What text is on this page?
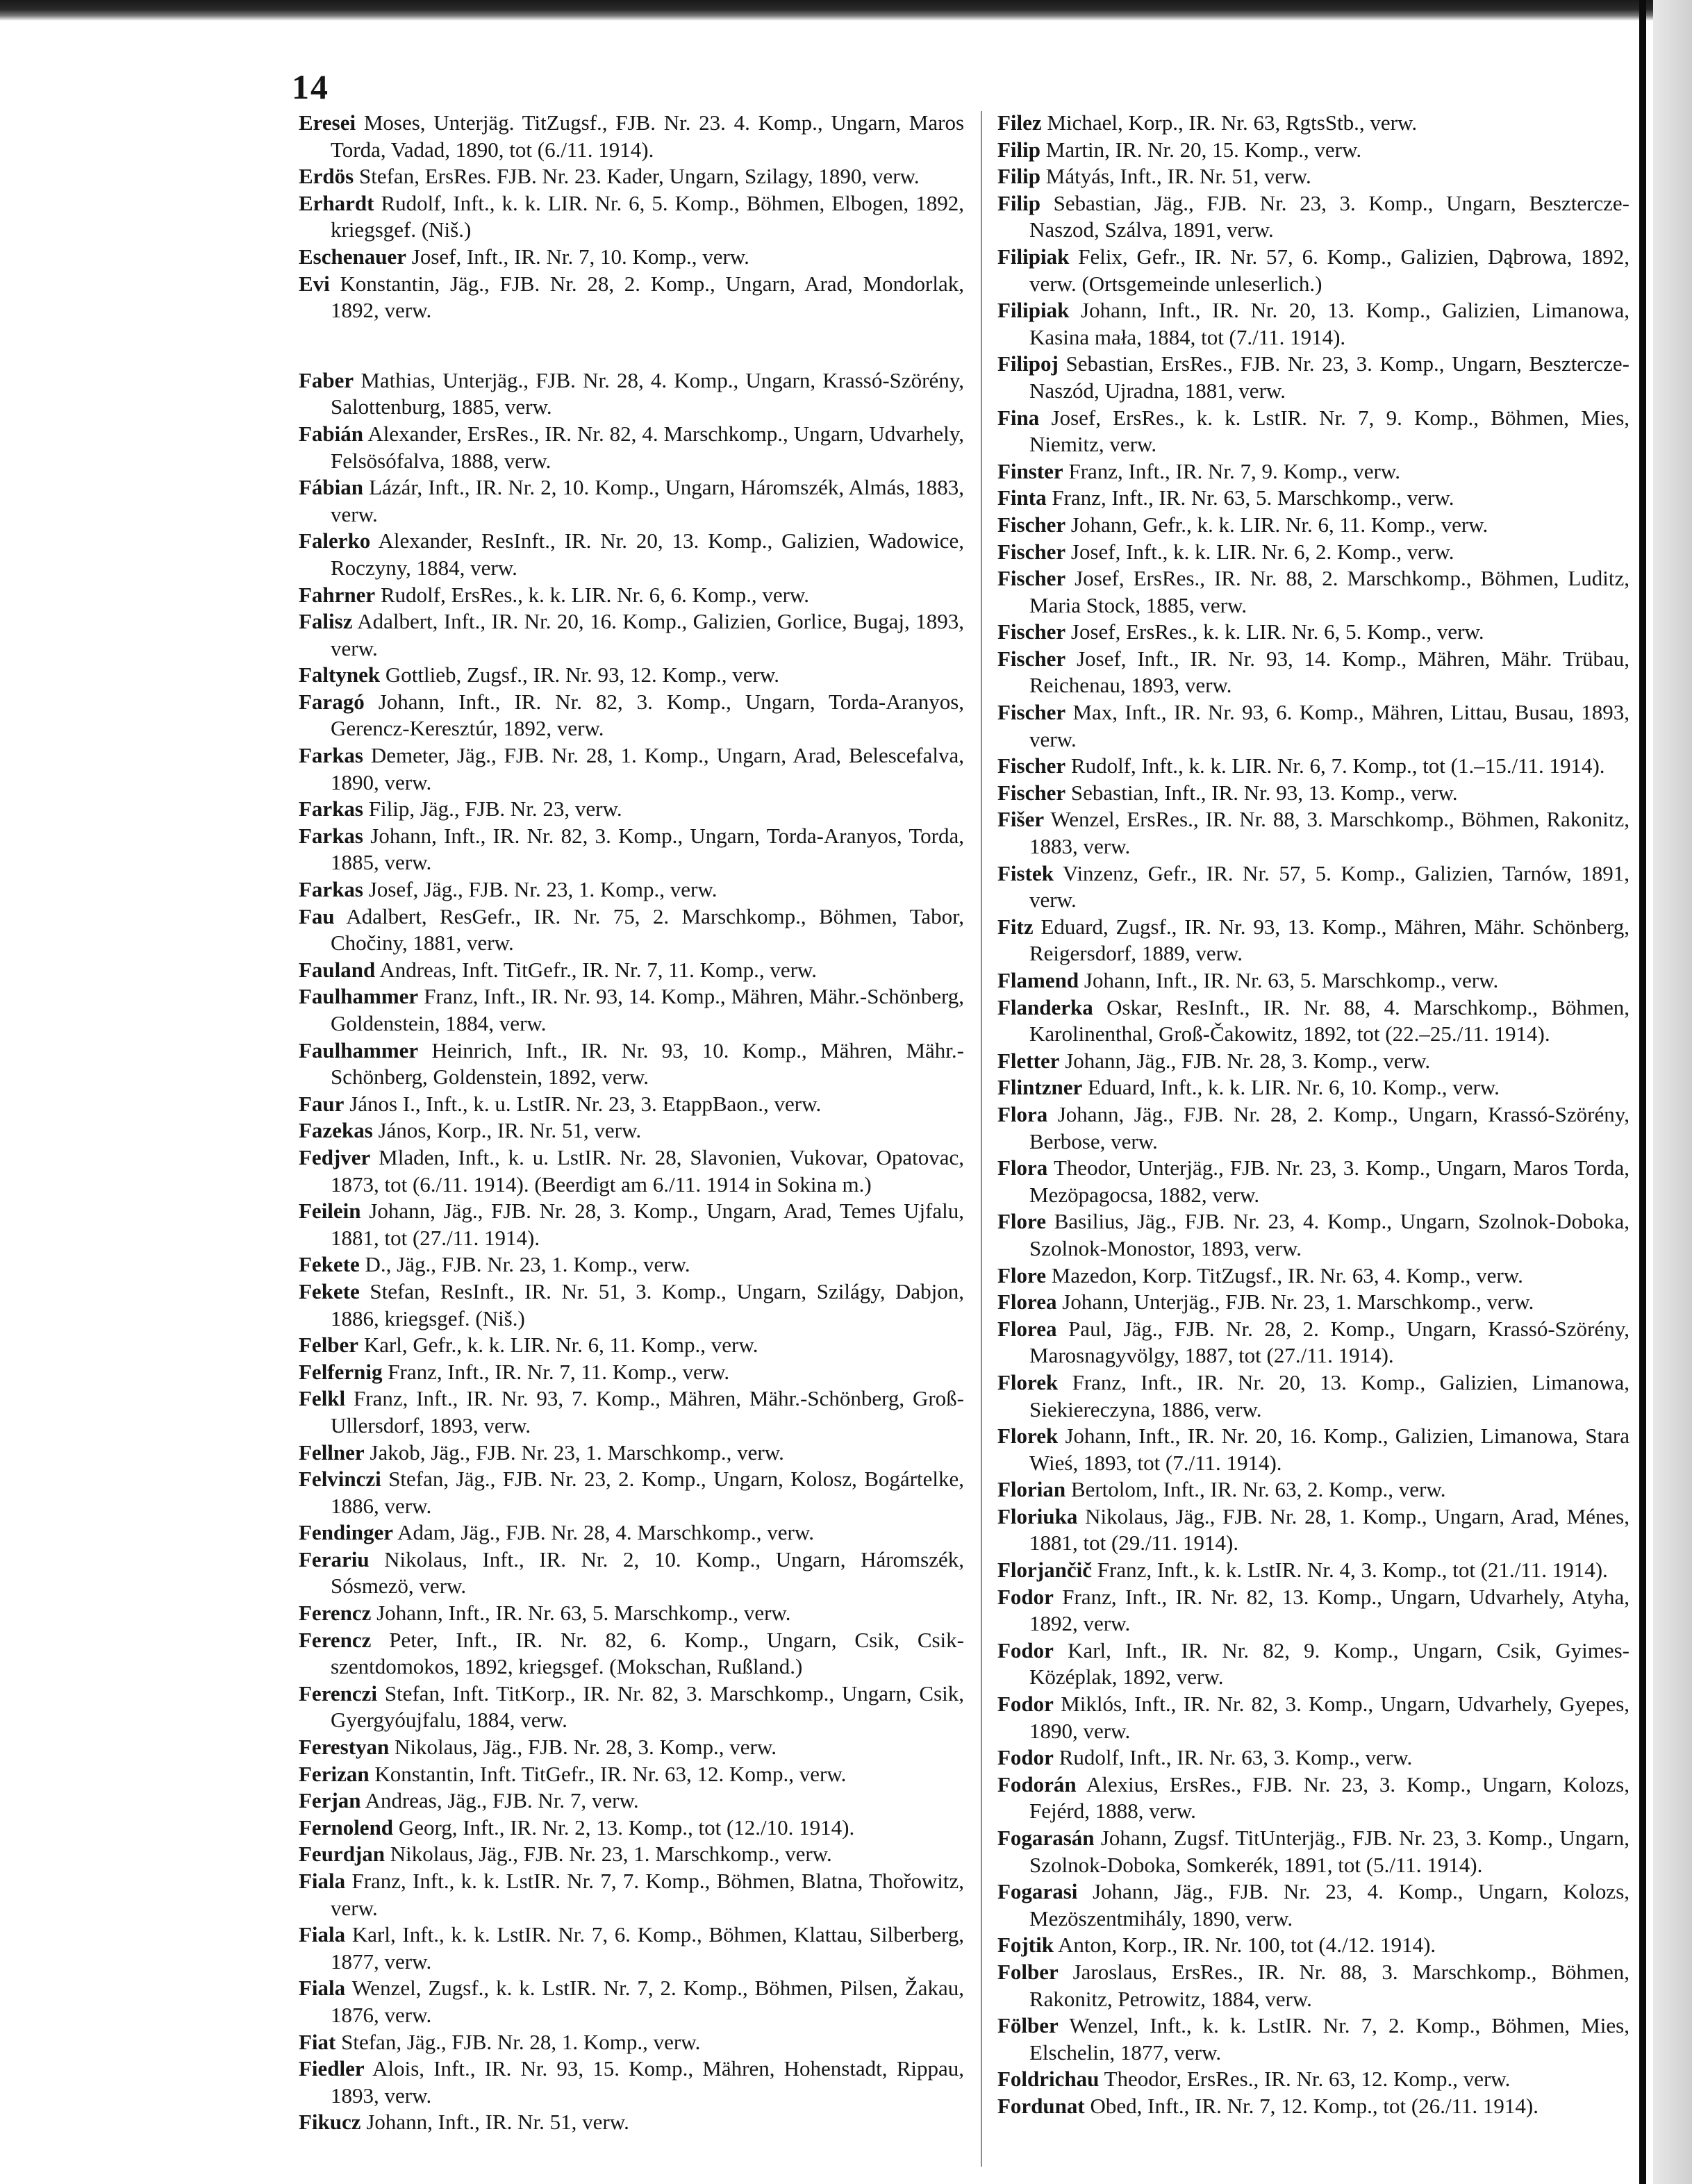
14
Eresei Moses, Unterjäg. TitZugsf., FJB. Nr. 23. 4. Komp., Ungarn, Maros Torda, Vadad, 1890, tot (6./11. 1914).
Erdös Stefan, ErsRes. FJB. Nr. 23. Kader, Ungarn, Szilagy, 1890, verw.
Erhardt Rudolf, Inft., k. k. LIR. Nr. 6, 5. Komp., Böhmen, Elbogen, 1892, kriegsgef. (Niš.)
Eschenauer Josef, Inft., IR. Nr. 7, 10. Komp., verw.
Evi Konstantin, Jäg., FJB. Nr. 28, 2. Komp., Ungarn, Arad, Mondorlak, 1892, verw.
Faber Mathias, Unterjäg., FJB. Nr. 28, 4. Komp., Ungarn, Krassó-Szörény, Salottenburg, 1885, verw.
Fabián Alexander, ErsRes., IR. Nr. 82, 4. Marschkomp., Ungarn, Udvarhely, Felsösófalva, 1888, verw.
Fábian Lázár, Inft., IR. Nr. 2, 10. Komp., Ungarn, Háromszék, Almás, 1883, verw.
Falerko Alexander, ResInft., IR. Nr. 20, 13. Komp., Galizien, Wadowice, Roczyny, 1884, verw.
Fahrner Rudolf, ErsRes., k. k. LIR. Nr. 6, 6. Komp., verw.
Falisz Adalbert, Inft., IR. Nr. 20, 16. Komp., Galizien, Gorlice, Bugaj, 1893, verw.
Faltynek Gottlieb, Zugsf., IR. Nr. 93, 12. Komp., verw.
Faragó Johann, Inft., IR. Nr. 82, 3. Komp., Ungarn, Torda-Aranyos, Gerencz-Keresztúr, 1892, verw.
Farkas Demeter, Jäg., FJB. Nr. 28, 1. Komp., Ungarn, Arad, Belescefalva, 1890, verw.
Farkas Filip, Jäg., FJB. Nr. 23, verw.
Farkas Johann, Inft., IR. Nr. 82, 3. Komp., Ungarn, Torda-Aranyos, Torda, 1885, verw.
Farkas Josef, Jäg., FJB. Nr. 23, 1. Komp., verw.
Fau Adalbert, ResGefr., IR. Nr. 75, 2. Marschkomp., Böhmen, Tabor, Chočiny, 1881, verw.
Fauland Andreas, Inft. TitGefr., IR. Nr. 7, 11. Komp., verw.
Faulhammer Franz, Inft., IR. Nr. 93, 14. Komp., Mähren, Mähr.-Schönberg, Goldenstein, 1884, verw.
Faulhammer Heinrich, Inft., IR. Nr. 93, 10. Komp., Mähren, Mähr.-Schönberg, Goldenstein, 1892, verw.
Faur János I., Inft., k. u. LstIR. Nr. 23, 3. EtappBaon., verw.
Fazekas János, Korp., IR. Nr. 51, verw.
Fedjver Mladen, Inft., k. u. LstIR. Nr. 28, Slavonien, Vukovar, Opatovac, 1873, tot (6./11. 1914). (Beerdigt am 6./11. 1914 in Sokina m.)
Feilein Johann, Jäg., FJB. Nr. 28, 3. Komp., Ungarn, Arad, Temes Ujfalu, 1881, tot (27./11. 1914).
Fekete D., Jäg., FJB. Nr. 23, 1. Komp., verw.
Fekete Stefan, ResInft., IR. Nr. 51, 3. Komp., Ungarn, Szilágy, Dabjon, 1886, kriegsgef. (Niš.)
Felber Karl, Gefr., k. k. LIR. Nr. 6, 11. Komp., verw.
Felfernig Franz, Inft., IR. Nr. 7, 11. Komp., verw.
Felkl Franz, Inft., IR. Nr. 93, 7. Komp., Mähren, Mähr.-Schönberg, Groß-Ullersdorf, 1893, verw.
Fellner Jakob, Jäg., FJB. Nr. 23, 1. Marschkomp., verw.
Felvinczi Stefan, Jäg., FJB. Nr. 23, 2. Komp., Ungarn, Kolosz, Bogártelke, 1886, verw.
Fendinger Adam, Jäg., FJB. Nr. 28, 4. Marschkomp., verw.
Ferariu Nikolaus, Inft., IR. Nr. 2, 10. Komp., Ungarn, Háromszék, Sósmezö, verw.
Ferencz Johann, Inft., IR. Nr. 63, 5. Marschkomp., verw.
Ferencz Peter, Inft., IR. Nr. 82, 6. Komp., Ungarn, Csik, Csik-szentdomokos, 1892, kriegsgef. (Mokschan, Rußland.)
Ferenczi Stefan, Inft. TitKorp., IR. Nr. 82, 3. Marschkomp., Ungarn, Csik, Gyergyóujfalu, 1884, verw.
Ferestyan Nikolaus, Jäg., FJB. Nr. 28, 3. Komp., verw.
Ferizan Konstantin, Inft. TitGefr., IR. Nr. 63, 12. Komp., verw.
Ferjan Andreas, Jäg., FJB. Nr. 7, verw.
Fernolend Georg, Inft., IR. Nr. 2, 13. Komp., tot (12./10. 1914).
Feurdjan Nikolaus, Jäg., FJB. Nr. 23, 1. Marschkomp., verw.
Fiala Franz, Inft., k. k. LstIR. Nr. 7, 7. Komp., Böhmen, Blatna, Thořowitz, verw.
Fiala Karl, Inft., k. k. LstIR. Nr. 7, 6. Komp., Böhmen, Klattau, Silberberg, 1877, verw.
Fiala Wenzel, Zugsf., k. k. LstIR. Nr. 7, 2. Komp., Böhmen, Pilsen, Žakau, 1876, verw.
Fiat Stefan, Jäg., FJB. Nr. 28, 1. Komp., verw.
Fiedler Alois, Inft., IR. Nr. 93, 15. Komp., Mähren, Hohenstadt, Rippau, 1893, verw.
Fikucz Johann, Inft., IR. Nr. 51, verw.
Filez Michael, Korp., IR. Nr. 63, RgtsStb., verw.
Filip Martin, IR. Nr. 20, 15. Komp., verw.
Filip Mátyás, Inft., IR. Nr. 51, verw.
Filip Sebastian, Jäg., FJB. Nr. 23, 3. Komp., Ungarn, Besztercze-Naszod, Szálva, 1891, verw.
Filipiak Felix, Gefr., IR. Nr. 57, 6. Komp., Galizien, Dąbrowa, 1892, verw. (Ortsgemeinde unleserlich.)
Filipiak Johann, Inft., IR. Nr. 20, 13. Komp., Galizien, Limanowa, Kasina mała, 1884, tot (7./11. 1914).
Filipoj Sebastian, ErsRes., FJB. Nr. 23, 3. Komp., Ungarn, Besztercze-Naszód, Ujradna, 1881, verw.
Fina Josef, ErsRes., k. k. LstIR. Nr. 7, 9. Komp., Böhmen, Mies, Niemitz, verw.
Finster Franz, Inft., IR. Nr. 7, 9. Komp., verw.
Finta Franz, Inft., IR. Nr. 63, 5. Marschkomp., verw.
Fischer Johann, Gefr., k. k. LIR. Nr. 6, 11. Komp., verw.
Fischer Josef, Inft., k. k. LIR. Nr. 6, 2. Komp., verw.
Fischer Josef, ErsRes., IR. Nr. 88, 2. Marschkomp., Böhmen, Luditz, Maria Stock, 1885, verw.
Fischer Josef, ErsRes., k. k. LIR. Nr. 6, 5. Komp., verw.
Fischer Josef, Inft., IR. Nr. 93, 14. Komp., Mähren, Mähr. Trübau, Reichenau, 1893, verw.
Fischer Max, Inft., IR. Nr. 93, 6. Komp., Mähren, Littau, Busau, 1893, verw.
Fischer Rudolf, Inft., k. k. LIR. Nr. 6, 7. Komp., tot (1.–15./11. 1914).
Fischer Sebastian, Inft., IR. Nr. 93, 13. Komp., verw.
Fišer Wenzel, ErsRes., IR. Nr. 88, 3. Marschkomp., Böhmen, Rakonitz, 1883, verw.
Fistek Vinzenz, Gefr., IR. Nr. 57, 5. Komp., Galizien, Tarnów, 1891, verw.
Fitz Eduard, Zugsf., IR. Nr. 93, 13. Komp., Mähren, Mähr. Schönberg, Reigersdorf, 1889, verw.
Flamend Johann, Inft., IR. Nr. 63, 5. Marschkomp., verw.
Flanderka Oskar, ResInft., IR. Nr. 88, 4. Marschkomp., Böhmen, Karolinenthal, Groß-Čakowitz, 1892, tot (22.–25./11. 1914).
Fletter Johann, Jäg., FJB. Nr. 28, 3. Komp., verw.
Flintzner Eduard, Inft., k. k. LIR. Nr. 6, 10. Komp., verw.
Flora Johann, Jäg., FJB. Nr. 28, 2. Komp., Ungarn, Krassó-Szörény, Berbose, verw.
Flora Theodor, Unterjäg., FJB. Nr. 23, 3. Komp., Ungarn, Maros Torda, Mezöpagocsa, 1882, verw.
Flore Basilius, Jäg., FJB. Nr. 23, 4. Komp., Ungarn, Szolnok-Doboka, Szolnok-Monostor, 1893, verw.
Flore Mazedon, Korp. TitZugsf., IR. Nr. 63, 4. Komp., verw.
Florea Johann, Unterjäg., FJB. Nr. 23, 1. Marschkomp., verw.
Florea Paul, Jäg., FJB. Nr. 28, 2. Komp., Ungarn, Krassó-Szörény, Marosnagyvölgy, 1887, tot (27./11. 1914).
Florek Franz, Inft., IR. Nr. 20, 13. Komp., Galizien, Limanowa, Siekiereczyna, 1886, verw.
Florek Johann, Inft., IR. Nr. 20, 16. Komp., Galizien, Limanowa, Stara Wieś, 1893, tot (7./11. 1914).
Florian Bertolom, Inft., IR. Nr. 63, 2. Komp., verw.
Floriuka Nikolaus, Jäg., FJB. Nr. 28, 1. Komp., Ungarn, Arad, Ménes, 1881, tot (29./11. 1914).
Florjančič Franz, Inft., k. k. LstIR. Nr. 4, 3. Komp., tot (21./11. 1914).
Fodor Franz, Inft., IR. Nr. 82, 13. Komp., Ungarn, Udvarhely, Atyha, 1892, verw.
Fodor Karl, Inft., IR. Nr. 82, 9. Komp., Ungarn, Csik, Gyimes-Középlak, 1892, verw.
Fodor Miklós, Inft., IR. Nr. 82, 3. Komp., Ungarn, Udvarhely, Gyepes, 1890, verw.
Fodor Rudolf, Inft., IR. Nr. 63, 3. Komp., verw.
Fodorán Alexius, ErsRes., FJB. Nr. 23, 3. Komp., Ungarn, Kolozs, Fejérd, 1888, verw.
Fogarasán Johann, Zugsf. TitUnterjäg., FJB. Nr. 23, 3. Komp., Ungarn, Szolnok-Doboka, Somkerék, 1891, tot (5./11. 1914).
Fogarasi Johann, Jäg., FJB. Nr. 23, 4. Komp., Ungarn, Kolozs, Mezöszentmihály, 1890, verw.
Fojtik Anton, Korp., IR. Nr. 100, tot (4./12. 1914).
Folber Jaroslaus, ErsRes., IR. Nr. 88, 3. Marschkomp., Böhmen, Rakonitz, Petrowitz, 1884, verw.
Fölber Wenzel, Inft., k. k. LstIR. Nr. 7, 2. Komp., Böhmen, Mies, Elschelin, 1877, verw.
Foldrichau Theodor, ErsRes., IR. Nr. 63, 12. Komp., verw.
Fordunat Obed, Inft., IR. Nr. 7, 12. Komp., tot (26./11. 1914).
